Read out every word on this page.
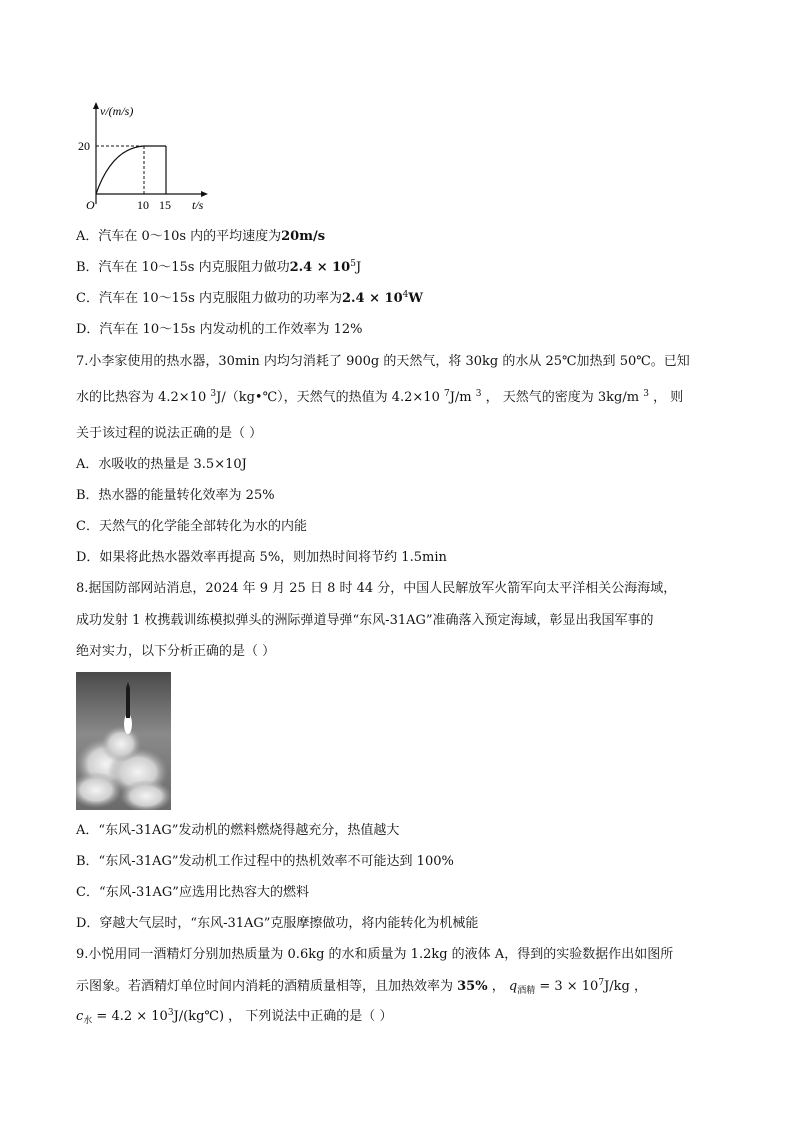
v/(m/s)
20
O	10 15 t/s
A．汽车在 0～10s 内的平均速度为20m/s
B．汽车在 10～15s 内克服阻力做功$2.4 \times 10^5J$
C．汽车在 10～15s 内克服阻力做功的功率为$2.4 \times 10^4W$
D．汽车在 10～15s 内发动机的工作效率为 12%
7.小李家使用的热水器，30min 内均匀消耗了 900g 的天然气，将 30kg 的水从 25℃加热到 50℃。已知
水的比热容为 4.2×10 $^3$J/（kg•℃），天然气的热值为 4.2×10 $^7$J/m $^3$ ， 天然气的密度为 3kg/m $^3$ ， 则
关于该过程的说法正确的是（ ）
A．水吸收的热量是 3.5×10J
B．热水器的能量转化效率为 25%
C．天然气的化学能全部转化为水的内能
D．如果将此热水器效率再提高 5%，则加热时间将节约 1.5min
8.据国防部网站消息，2024 年 9 月 25 日 8 时 44 分，中国人民解放军火箭军向太平洋相关公海海域，
成功发射 1 枚携载训练模拟弹头的洲际弹道导弹“东风-31AG”准确落入预定海域，彰显出我国军事的
绝对实力，以下分析正确的是（ ）
A．“东风-31AG”发动机的燃料燃烧得越充分，热值越大
B．“东风-31AG”发动机工作过程中的热机效率不可能达到 100%
C．“东风-31AG”应选用比热容大的燃料
D．穿越大气层时，“东风-31AG”克服摩擦做功，将内能转化为机械能
9.小悦用同一酒精灯分别加热质量为 0.6kg 的水和质量为 1.2kg 的液体 A，得到的实验数据作出如图所
示图象。若酒精灯单位时间内消耗的酒精质量相等，且加热效率为 35% ， $q_{酒精} = 3 \times 10^7J/kg$ ，
$c_水 = 4.2$ × $10^3J/(kg℃)$ ， 下列说法中正确的是（ ）
